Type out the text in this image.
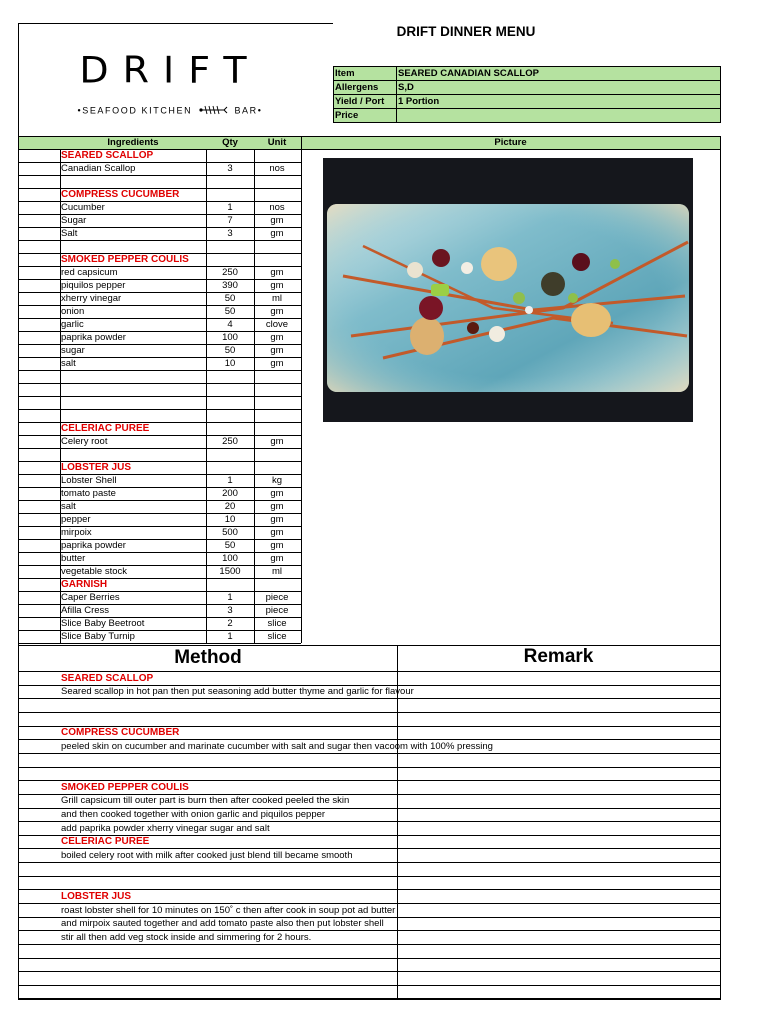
DRIFT DINNER MENU
DRIFT
•SEAFOOD KITCHEN	BAR•
Item	SEARED CANADIAN SCALLOP
Allergens	S,D
Yield / Port	1 Portion
Price
Ingredients	Qty	Unit	Picture
SEARED SCALLOP
Canadian Scallop	3	nos
COMPRESS CUCUMBER
Cucumber	1	nos
Sugar	7	gm
Salt	3	gm
SMOKED PEPPER COULIS
red capsicum	250	gm
piquilos pepper	390	gm
xherry vinegar	50	ml
onion	50	gm
garlic	4	clove
paprika powder	100	gm
sugar	50	gm
salt	10	gm
CELERIAC PUREE
Celery root	250	gm
LOBSTER JUS
Lobster Shell	1	kg
tomato paste	200	gm
salt	20	gm
pepper	10	gm
mirpoix	500	gm
paprika powder	50	gm
butter	100	gm
vegetable stock	1500	ml
GARNISH
Caper Berries	1	piece
Afilla Cress	3	piece
Slice Baby Beetroot	2	slice
Slice Baby Turnip	1	slice
Method	Remark
SEARED SCALLOP
Seared scallop in hot pan then put seasoning add butter thyme and garlic for flavour
COMPRESS CUCUMBER
peeled skin on cucumber and marinate cucumber with salt and sugar then vacoom with 100% pressing
SMOKED PEPPER COULIS
Grill capsicum till outer part is burn then after cooked peeled the skin
and then cooked together with onion garlic and piquilos pepper
add paprika powder xherry vinegar sugar and salt
CELERIAC PUREE
boiled celery root with milk after cooked just blend till became smooth
LOBSTER JUS
roast lobster shell for 10 minutes on 150˚ c then after cook in soup pot ad butter
and mirpoix sauted together and add tomato paste also then put lobster shell
stir all then add veg stock inside and simmering for 2 hours.
